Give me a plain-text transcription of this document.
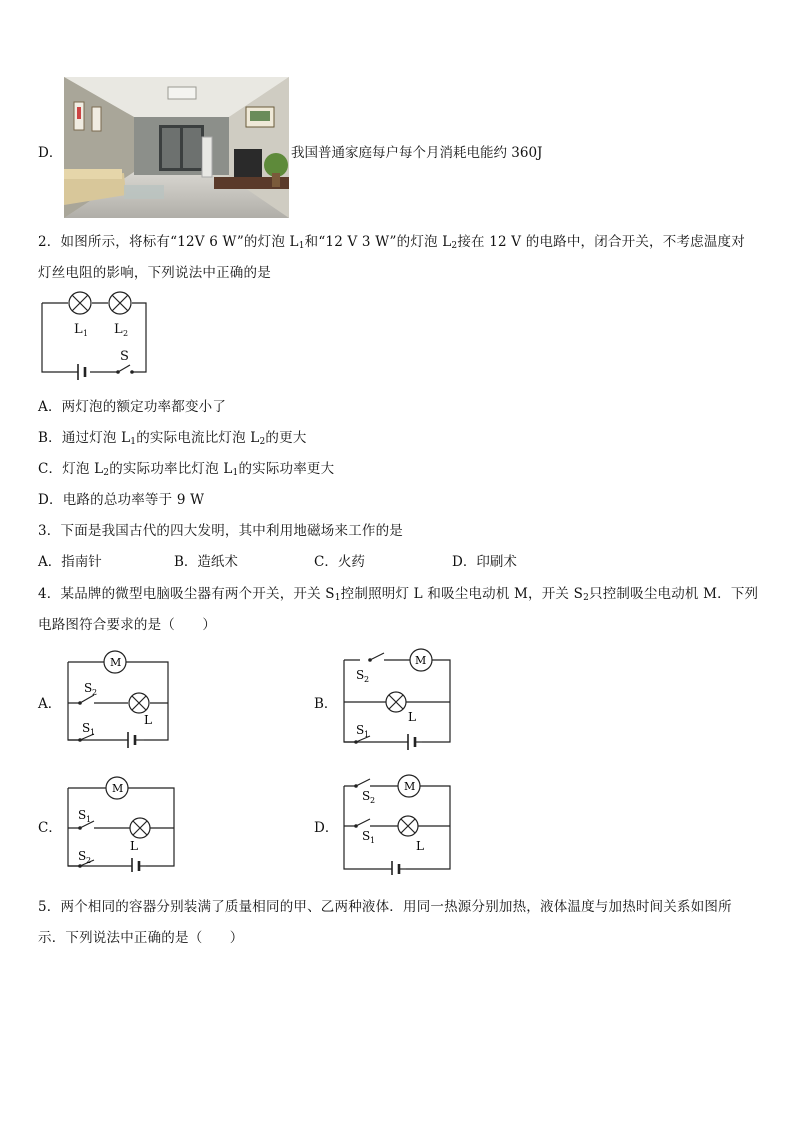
D．	我国普通家庭每户每个月消耗电能约 360J
2．如图所示，将标有“12V 6 W”的灯泡 $L_1$和“12 V 3 W”的灯泡 $L_2$接在 12 V 的电路中，闭合开关，不考虑温度对
灯丝电阻的影响，下列说法中正确的是
L 1 L 2
S
A．两灯泡的额定功率都变小了
B．通过灯泡 $L_1$的实际电流比灯泡 $L_2$的更大
C．灯泡 $L_2$的实际功率比灯泡 $L_1$的实际功率更大
D．电路的总功率等于 9 W
3．下面是我国古代的四大发明，其中利用地磁场来工作的是
A．指南针	B．造纸术	C．火药	D．印刷术
4．某品牌的微型电脑吸尘器有两个开关，开关 $S_1$控制照明灯 L 和吸尘电动机 M，开关 $S_2$只控制吸尘电动机 M．下列
电路图符合要求的是（　　）
A．
M
L
S 2
S 1
B．
M
L
S 2
S 1
C．
M
L
S 1
S 2
D．
M
L
S 2
S 1
5．两个相同的容器分别装满了质量相同的甲、乙两种液体．用同一热源分别加热，液体温度与加热时间关系如图所
示．下列说法中正确的是（　　）
